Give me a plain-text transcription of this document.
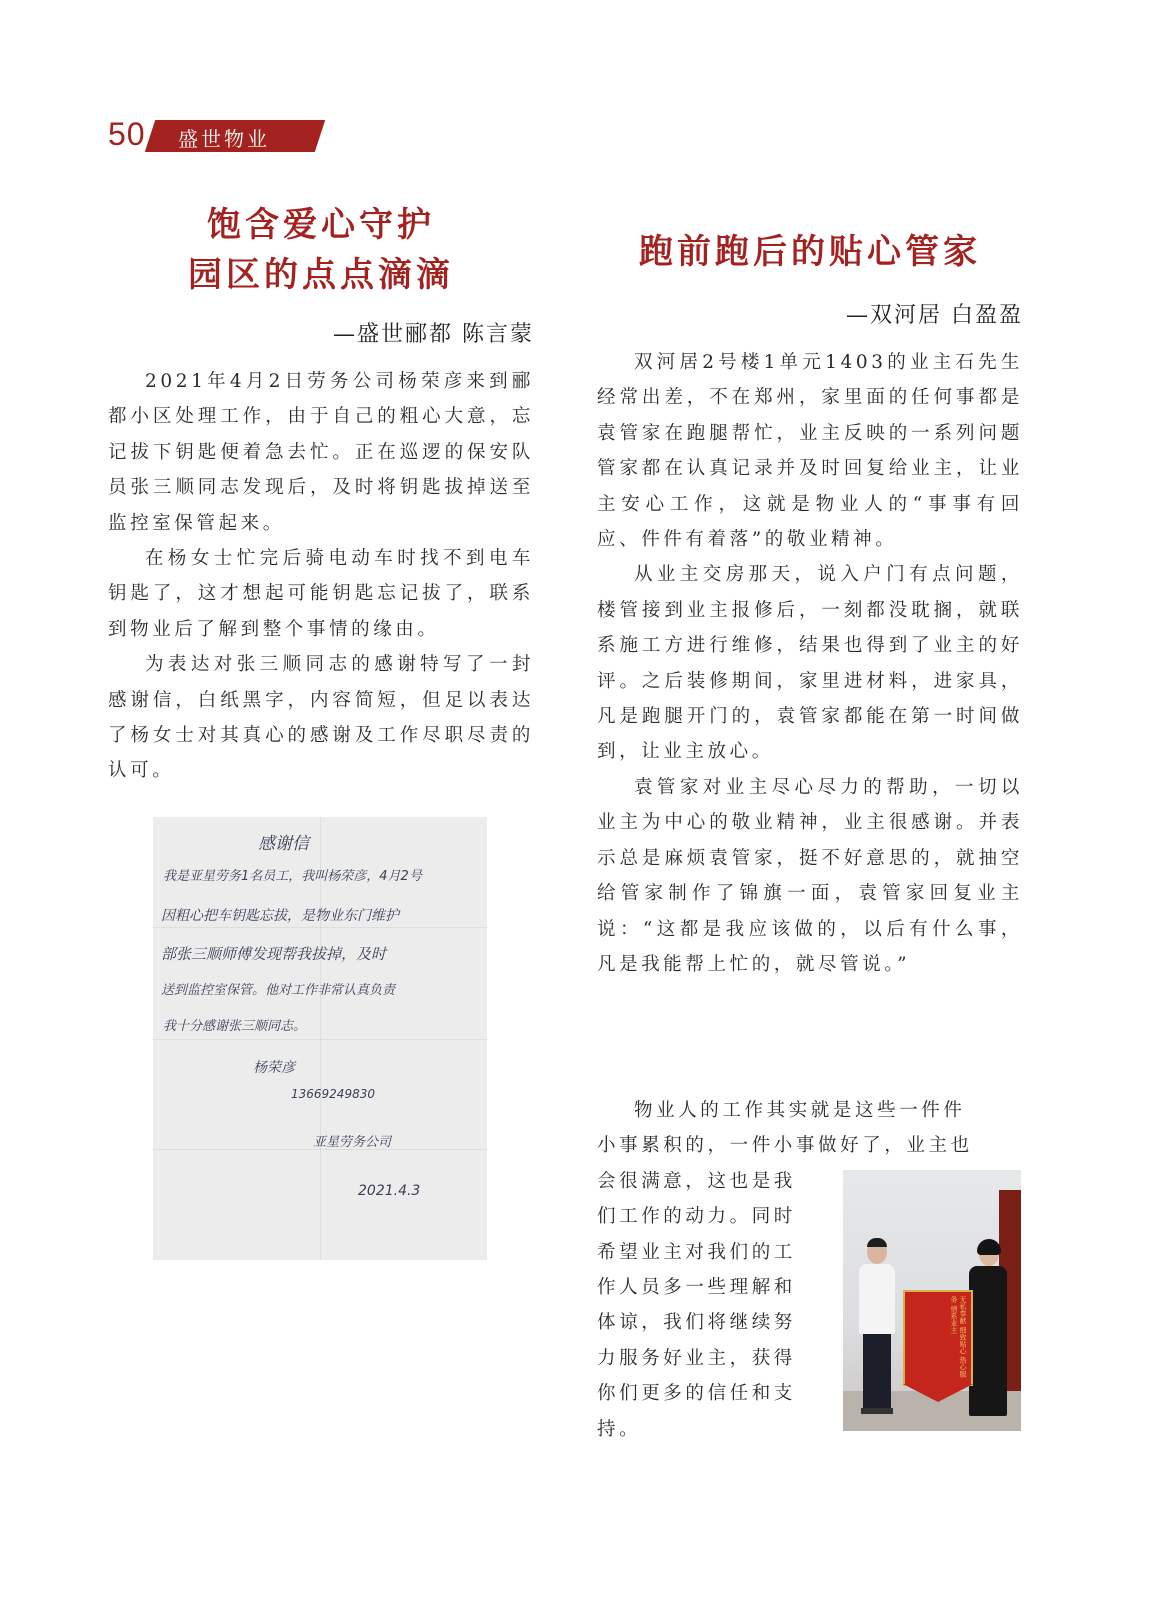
50 盛世物业
饱含爱心守护
园区的点点滴滴
—盛世郦都 陈言蒙

2021年4月2日劳务公司杨荣彦来到郦都小区处理工作，由于自己的粗心大意，忘记拔下钥匙便着急去忙。正在巡逻的保安队员张三顺同志发现后，及时将钥匙拔掉送至监控室保管起来。

在杨女士忙完后骑电动车时找不到电车钥匙了，这才想起可能钥匙忘记拔了，联系到物业后了解到整个事情的缘由。

为表达对张三顺同志的感谢特写了一封感谢信，白纸黑字，内容简短，但足以表达了杨女士对其真心的感谢及工作尽职尽责的认可。

感谢信
我是亚星劳务1名员工，我叫杨荣彦，4月2号
因粗心把车钥匙忘拔，是物业东门维护
部张三顺师傅发现帮我拔掉，及时
送到监控室保管。他对工作非常认真负责
我十分感谢张三顺同志。
杨荣彦
13669249830
亚星劳务公司
2021.4.3
跑前跑后的贴心管家
—双河居 白盈盈

双河居2号楼1单元1403的业主石先生经常出差，不在郑州，家里面的任何事都是袁管家在跑腿帮忙，业主反映的一系列问题管家都在认真记录并及时回复给业主，让业主安心工作，这就是物业人的“事事有回应、件件有着落”的敬业精神。

从业主交房那天，说入户门有点问题，楼管接到业主报修后，一刻都没耽搁，就联系施工方进行维修，结果也得到了业主的好评。之后装修期间，家里进材料，进家具，凡是跑腿开门的，袁管家都能在第一时间做到，让业主放心。

袁管家对业主尽心尽力的帮助，一切以业主为中心的敬业精神，业主很感谢。并表示总是麻烦袁管家，挺不好意思的，就抽空给管家制作了锦旗一面，袁管家回复业主说：“这都是我应该做的，以后有什么事，凡是我能帮上忙的，就尽管说。”

物业人的工作其实就是这些一件件
小事累积的，一件小事做好了，业主也
会很满意，这也是我
们工作的动力。同时
希望业主对我们的工
作人员多一些理解和
体谅，我们将继续努
力服务好业主，获得
你们更多的信任和支
持。
无私奉献 细致贴心 热心服务 情系业主
